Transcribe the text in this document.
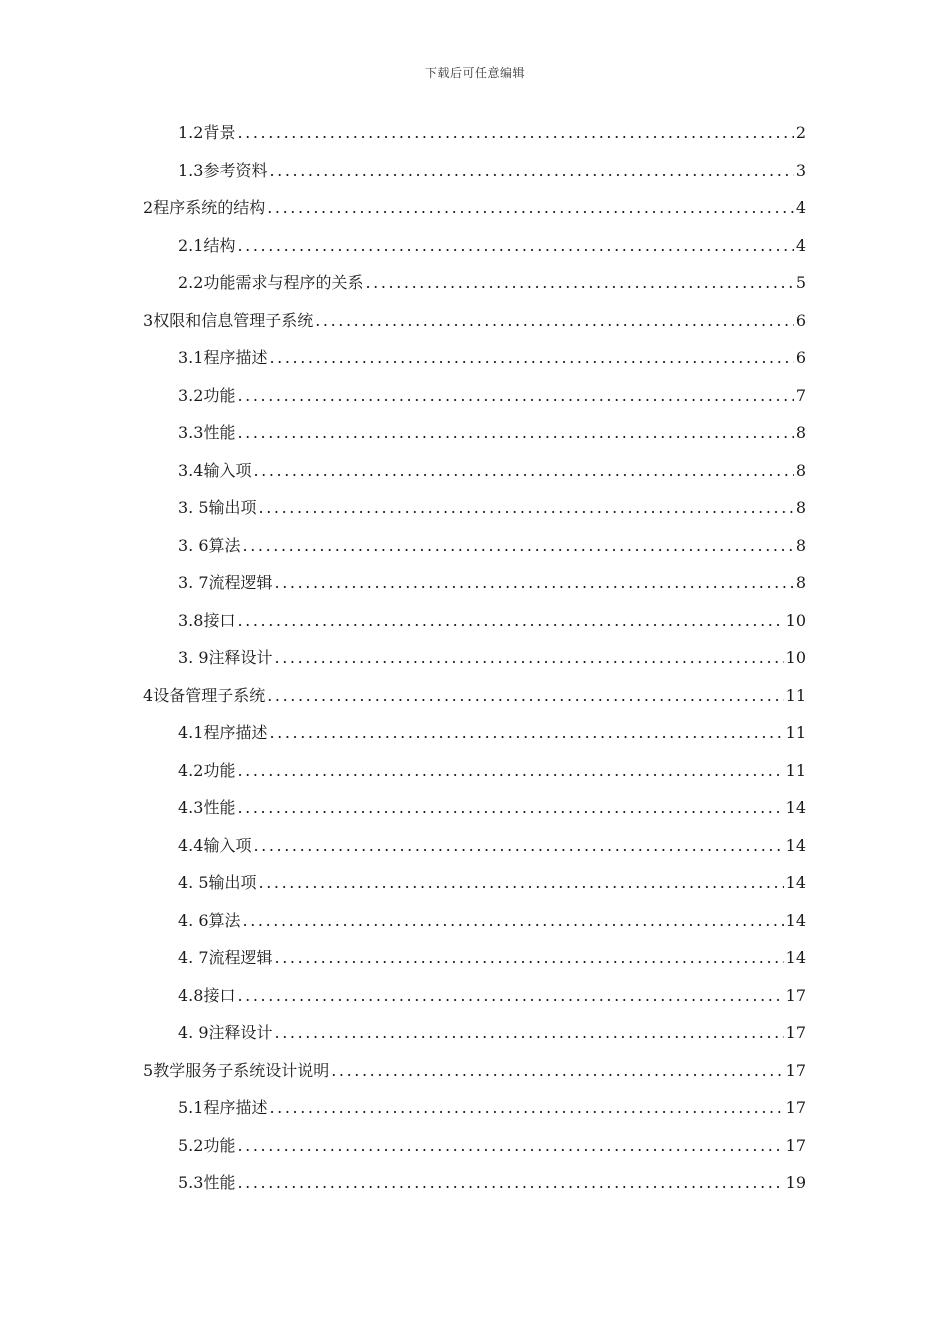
下载后可任意编辑
1.2 背景 .....	2
1.3 参考资料 .....	3
2 程序系统的结构 .....	4
2.1 结构 .....	4
2.2 功能需求与程序的关系 .....	5
3 权限和信息管理子系统 .....	6
3.1 程序描述 .....	6
3.2 功能 .....	7
3.3 性能 .....	8
3.4 输入项 .....	8
3. 5 输出项 .....	8
3. 6 算法 .....	8
3. 7 流程逻辑 .....	8
3.8 接口 .....	10
3. 9 注释设计 .....	10
4 设备管理子系统 .....	11
4.1 程序描述 .....	11
4.2 功能 .....	11
4.3 性能 .....	14
4.4 输入项 .....	14
4. 5 输出项 .....	14
4. 6 算法 .....	14
4. 7 流程逻辑 .....	14
4.8 接口 .....	17
4. 9 注释设计 .....	17
5 教学服务子系统设计说明 .....	17
5.1 程序描述 .....	17
5.2 功能 .....	17
5.3 性能 .....	19
